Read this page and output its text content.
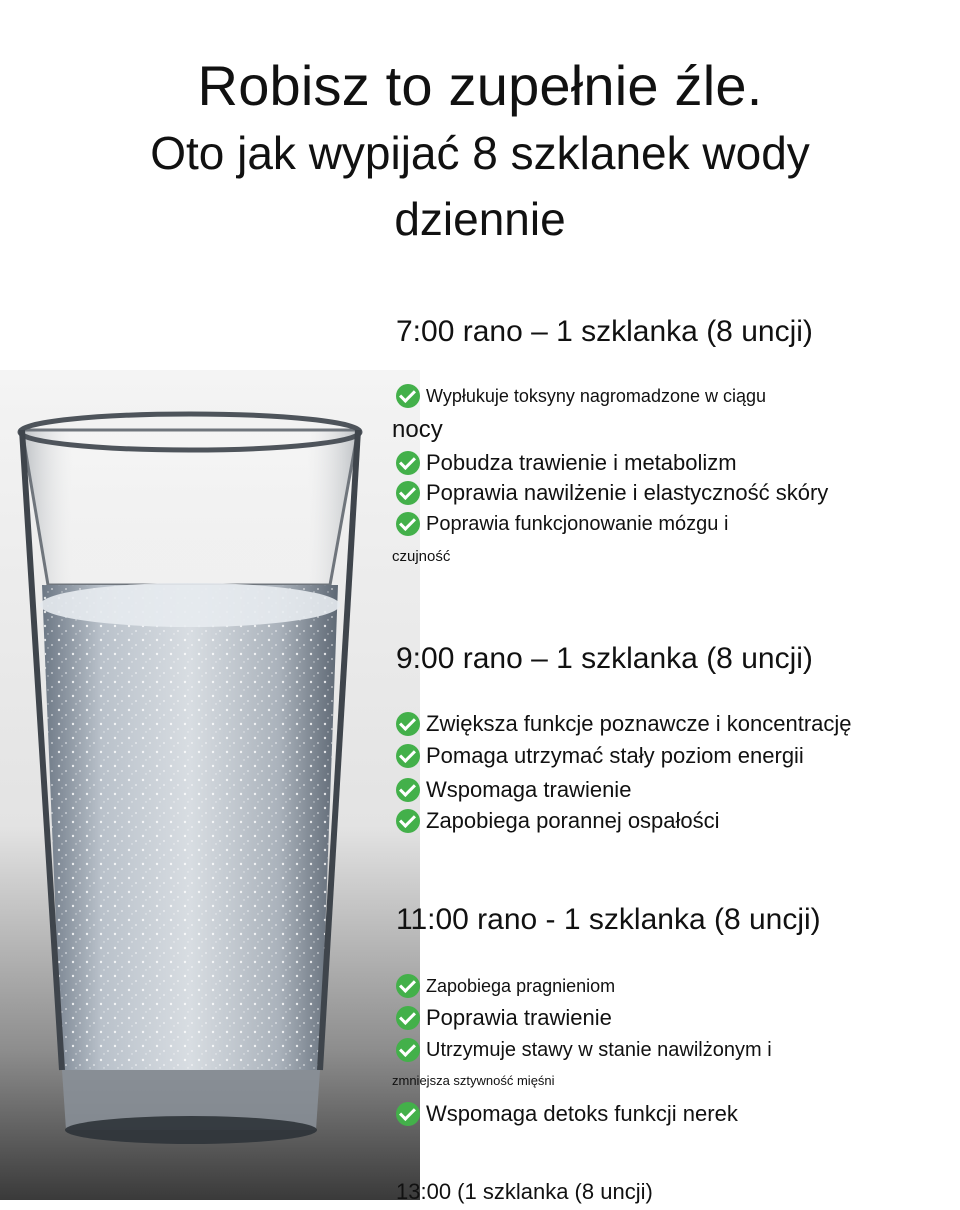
Robisz to zupełnie źle.
Oto jak wypijać 8 szklanek wody
dziennie
7:00 rano – 1 szklanka (8 uncji)
Wypłukuje toksyny nagromadzone w ciągu
nocy
Pobudza trawienie i metabolizm
Poprawia nawilżenie i elastyczność skóry
Poprawia funkcjonowanie mózgu i
czujność
9:00 rano – 1 szklanka (8 uncji)
Zwiększa funkcje poznawcze i koncentrację
Pomaga utrzymać stały poziom energii
Wspomaga trawienie
Zapobiega porannej ospałości
11:00 rano - 1 szklanka (8 uncji)
Zapobiega pragnieniom
Poprawia trawienie
Utrzymuje stawy w stanie nawilżonym i
zmniejsza sztywność mięśni
Wspomaga detoks funkcji nerek
13:00 (1 szklanka (8 uncji)
